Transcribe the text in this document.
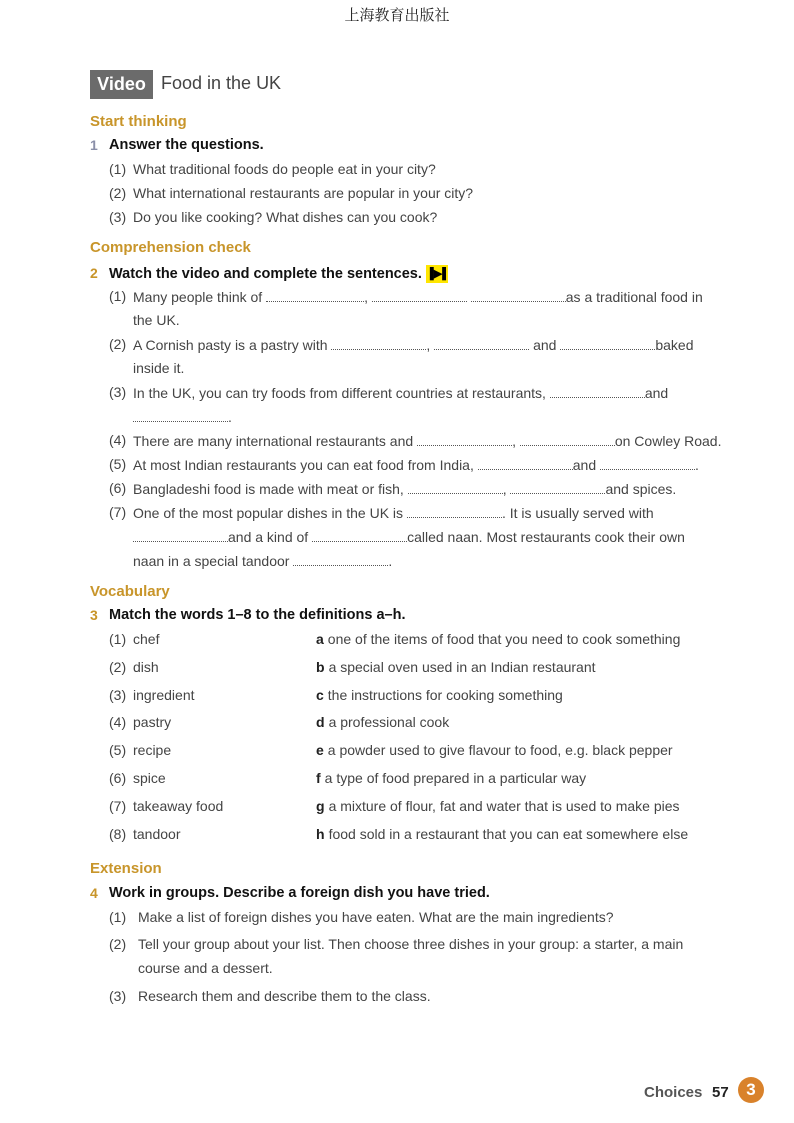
上海教育出版社
Video Food in the UK
Start thinking
1 Answer the questions.
(1) What traditional foods do people eat in your city?
(2) What international restaurants are popular in your city?
(3) Do you like cooking? What dishes can you cook?
Comprehension check
2 Watch the video and complete the sentences. ▐▶▌
(1) Many people think of	,	as a traditional food in
the UK.
(2) A Cornish pasty is a pastry with	,	and	baked
inside it.
(3) In the UK, you can try foods from different countries at restaurants,	and
.
(4) There are many international restaurants and	,	on Cowley Road.
(5) At most Indian restaurants you can eat food from India,	and	.
(6) Bangladeshi food is made with meat or fish,	,	and spices.
(7) One of the most popular dishes in the UK is	. It is usually served with
and a kind of	called naan. Most restaurants cook their own
naan in a special tandoor	.
Vocabulary
3 Match the words 1–8 to the definitions a–h.
(1) chef	a one of the items of food that you need to cook something
(2) dish	b a special oven used in an Indian restaurant
(3) ingredient	c the instructions for cooking something
(4) pastry	d a professional cook
(5) recipe	e a powder used to give flavour to food, e.g. black pepper
(6) spice	f a type of food prepared in a particular way
(7) takeaway food	g a mixture of flour, fat and water that is used to make pies
(8) tandoor	h food sold in a restaurant that you can eat somewhere else
Extension
4 Work in groups. Describe a foreign dish you have tried.
(1) Make a list of foreign dishes you have eaten. What are the main ingredients?
(2) Tell your group about your list. Then choose three dishes in your group: a starter, a main
course and a dessert.
(3) Research them and describe them to the class.
Choices 57	3
